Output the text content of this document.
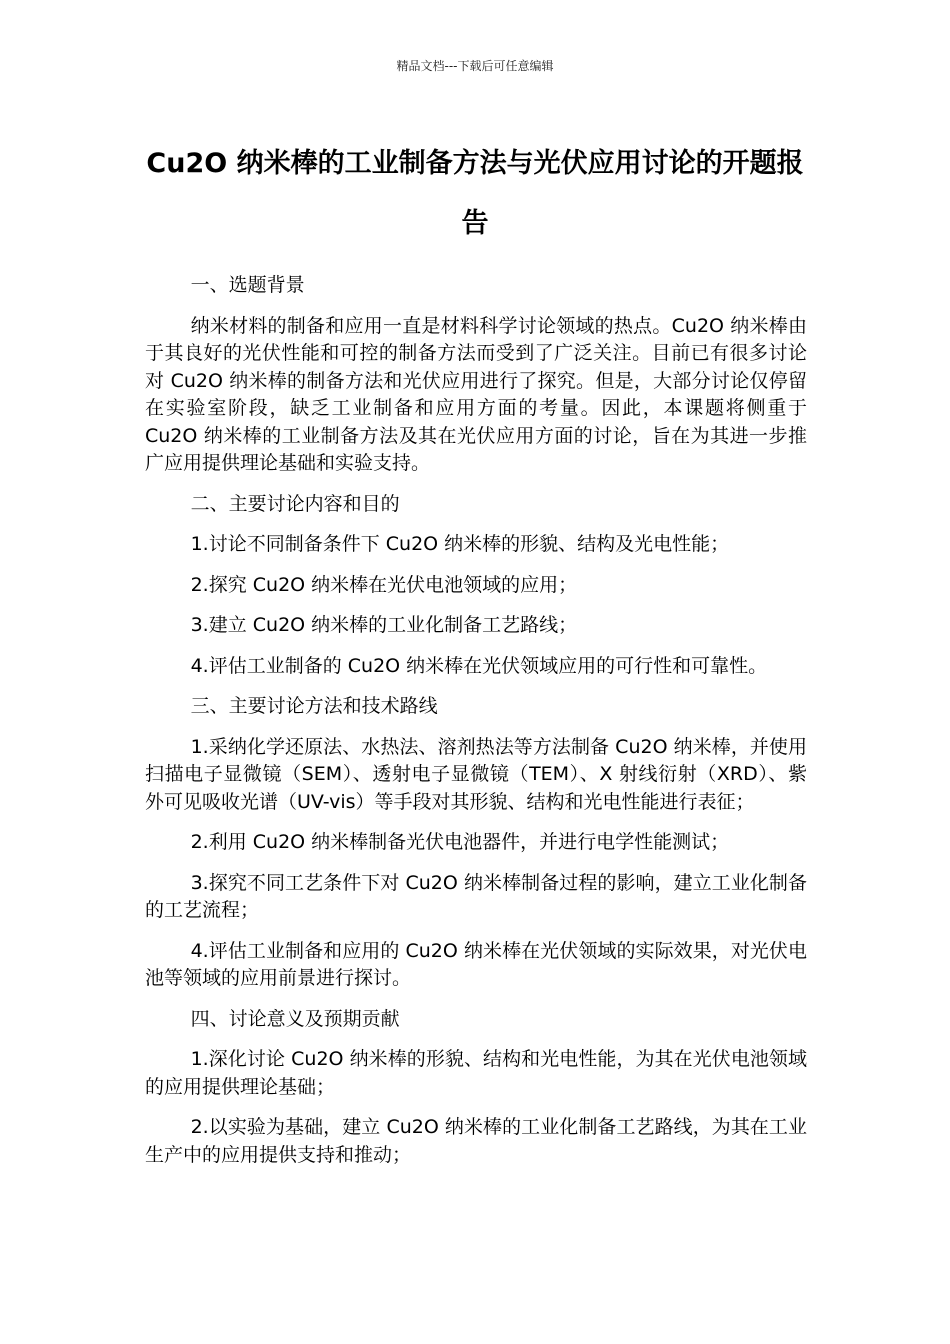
精品文档---下载后可任意编辑
Cu2O 纳米棒的工业制备方法与光伏应用讨论的开题报告

一、选题背景

纳米材料的制备和应用一直是材料科学讨论领域的热点。Cu2O 纳米棒由于其良好的光伏性能和可控的制备方法而受到了广泛关注。目前已有很多讨论对 Cu2O 纳米棒的制备方法和光伏应用进行了探究。但是，大部分讨论仅停留在实验室阶段，缺乏工业制备和应用方面的考量。因此，本课题将侧重于 Cu2O 纳米棒的工业制备方法及其在光伏应用方面的讨论，旨在为其进一步推广应用提供理论基础和实验支持。

二、主要讨论内容和目的

1.讨论不同制备条件下 Cu2O 纳米棒的形貌、结构及光电性能；

2.探究 Cu2O 纳米棒在光伏电池领域的应用；

3.建立 Cu2O 纳米棒的工业化制备工艺路线；

4.评估工业制备的 Cu2O 纳米棒在光伏领域应用的可行性和可靠性。

三、主要讨论方法和技术路线

1.采纳化学还原法、水热法、溶剂热法等方法制备 Cu2O 纳米棒，并使用扫描电子显微镜（SEM）、透射电子显微镜（TEM）、X 射线衍射（XRD）、紫外可见吸收光谱（UV-vis）等手段对其形貌、结构和光电性能进行表征；

2.利用 Cu2O 纳米棒制备光伏电池器件，并进行电学性能测试；

3.探究不同工艺条件下对 Cu2O 纳米棒制备过程的影响，建立工业化制备的工艺流程；

4.评估工业制备和应用的 Cu2O 纳米棒在光伏领域的实际效果，对光伏电池等领域的应用前景进行探讨。

四、讨论意义及预期贡献

1.深化讨论 Cu2O 纳米棒的形貌、结构和光电性能，为其在光伏电池领域的应用提供理论基础；

2.以实验为基础，建立 Cu2O 纳米棒的工业化制备工艺路线，为其在工业生产中的应用提供支持和推动；
